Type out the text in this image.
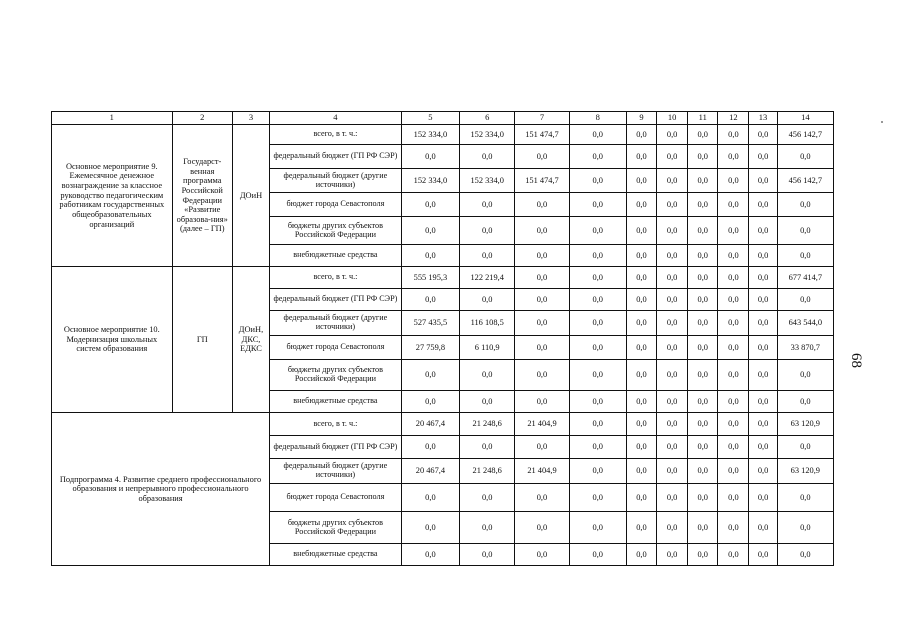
1	2	3	4	5	6	7	8	9	10	11	12	13	14
Основное мероприятие 9. Ежемесячное денежное вознаграждение за классное руководство педагогическим работникам государственных общеобразовательных организаций	Государст-венная программа Российской Федерации «Развитие образова-ния» (далее – ГП)	ДОиН	всего, в т. ч.:	152 334,0	152 334,0	151 474,7	0,0	0,0	0,0	0,0	0,0	0,0	456 142,7
			федеральный бюджет (ГП РФ СЭР)	0,0	0,0	0,0	0,0	0,0	0,0	0,0	0,0	0,0	0,0
			федеральный бюджет (другие источники)	152 334,0	152 334,0	151 474,7	0,0	0,0	0,0	0,0	0,0	0,0	456 142,7
			бюджет города Севастополя	0,0	0,0	0,0	0,0	0,0	0,0	0,0	0,0	0,0	0,0
			бюджеты других субъектов Российской Федерации	0,0	0,0	0,0	0,0	0,0	0,0	0,0	0,0	0,0	0,0
			внебюджетные средства	0,0	0,0	0,0	0,0	0,0	0,0	0,0	0,0	0,0	0,0
Основное мероприятие 10. Модернизация школьных систем образования	ГП	ДОиН, ДКС, ЕДКС	всего, в т. ч.:	555 195,3	122 219,4	0,0	0,0	0,0	0,0	0,0	0,0	0,0	677 414,7
			федеральный бюджет (ГП РФ СЭР)	0,0	0,0	0,0	0,0	0,0	0,0	0,0	0,0	0,0	0,0
			федеральный бюджет (другие источники)	527 435,5	116 108,5	0,0	0,0	0,0	0,0	0,0	0,0	0,0	643 544,0
			бюджет города Севастополя	27 759,8	6 110,9	0,0	0,0	0,0	0,0	0,0	0,0	0,0	33 870,7
			бюджеты других субъектов Российской Федерации	0,0	0,0	0,0	0,0	0,0	0,0	0,0	0,0	0,0	0,0
			внебюджетные средства	0,0	0,0	0,0	0,0	0,0	0,0	0,0	0,0	0,0	0,0
Подпрограмма 4. Развитие среднего профессионального образования и непрерывного профессионального образования			всего, в т. ч.:	20 467,4	21 248,6	21 404,9	0,0	0,0	0,0	0,0	0,0	0,0	63 120,9
			федеральный бюджет (ГП РФ СЭР)	0,0	0,0	0,0	0,0	0,0	0,0	0,0	0,0	0,0	0,0
			федеральный бюджет (другие источники)	20 467,4	21 248,6	21 404,9	0,0	0,0	0,0	0,0	0,0	0,0	63 120,9
			бюджет города Севастополя	0,0	0,0	0,0	0,0	0,0	0,0	0,0	0,0	0,0	0,0
			бюджеты других субъектов Российской Федерации	0,0	0,0	0,0	0,0	0,0	0,0	0,0	0,0	0,0	0,0
			внебюджетные средства	0,0	0,0	0,0	0,0	0,0	0,0	0,0	0,0	0,0	0,0
68
